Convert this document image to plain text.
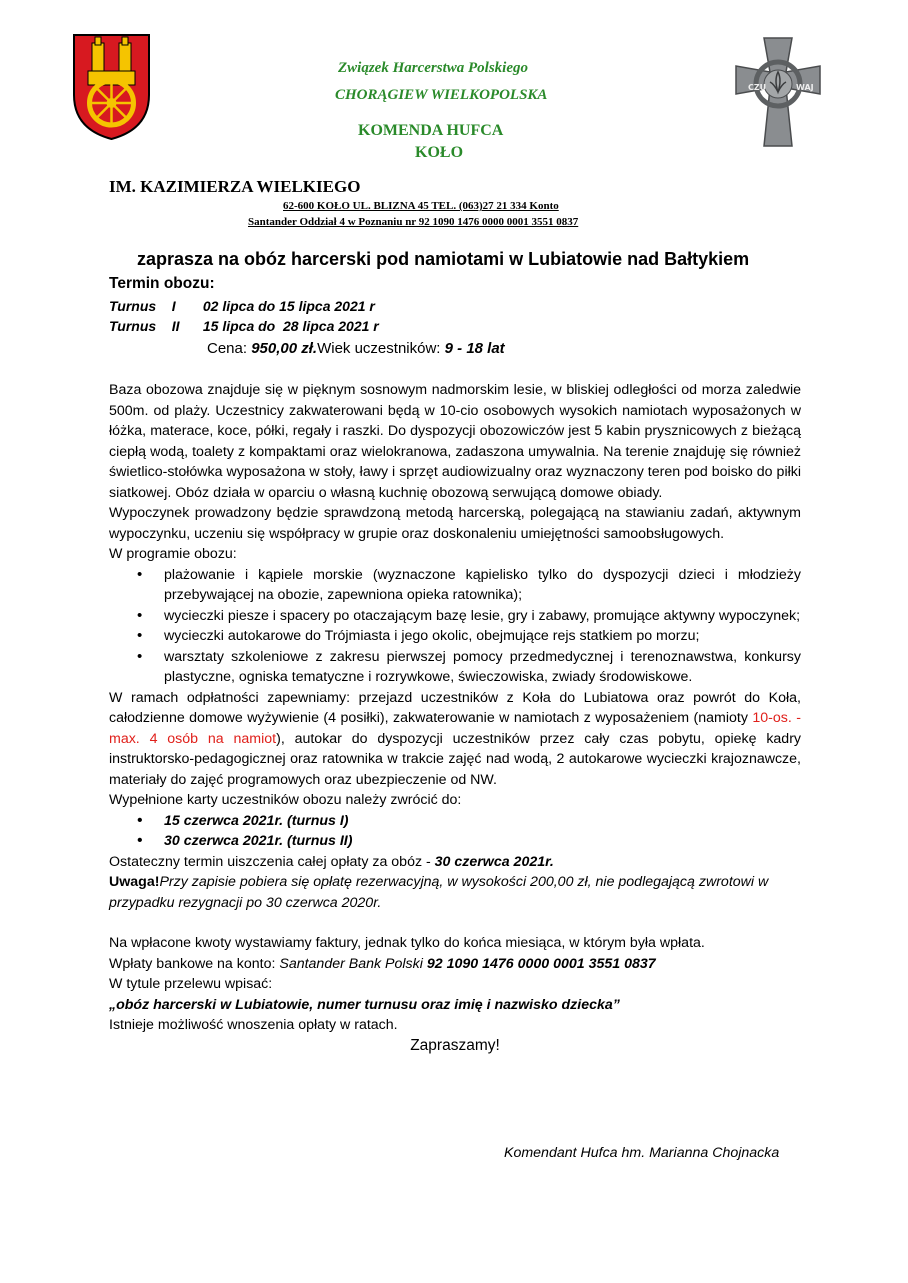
CZU	WAJ
Związek Harcerstwa Polskiego
CHORĄGIEW WIELKOPOLSKA
KOMENDA HUFCA
KOŁO
IM. KAZIMIERZA WIELKIEGO
62-600 KOŁO UL. BLIZNA 45 TEL. (063)27 21 334 Konto
Santander Oddział 4 w Poznaniu nr 92 1090 1476 0000 0001 3551 0837
zaprasza na obóz harcerski pod namiotami w Lubiatowie nad Bałtykiem
Termin obozu:
Turnus    I       02 lipca do 15 lipca 2021 r
Turnus    II      15 lipca do  28 lipca 2021 r
Cena: 950,00 zł.Wiek uczestników: 9 - 18 lat

Baza obozowa znajduje się w pięknym sosnowym nadmorskim lesie, w bliskiej odległości od morza zaledwie 500m. od plaży. Uczestnicy zakwaterowani będą w 10-cio osobowych wysokich namiotach wyposażonych w łóżka, materace, koce, półki, regały i raszki. Do dyspozycji obozowiczów jest 5 kabin prysznicowych z bieżącą ciepłą wodą, toalety z kompaktami oraz wielokranowa, zadaszona umywalnia. Na terenie znajduję się również świetlico-stołówka wyposażona w stoły, ławy i sprzęt audiowizualny oraz wyznaczony teren pod boisko do piłki siatkowej. Obóz działa w oparciu o własną kuchnię obozową serwującą domowe obiady.

Wypoczynek prowadzony będzie sprawdzoną metodą harcerską, polegającą na stawianiu zadań, aktywnym wypoczynku, uczeniu się współpracy w grupie oraz doskonaleniu umiejętności samoobsługowych.

W programie obozu:

• plażowanie i kąpiele morskie (wyznaczone kąpielisko tylko do dyspozycji dzieci i młodzieży przebywającej na obozie, zapewniona opieka ratownika);
• wycieczki piesze i spacery po otaczającym bazę lesie, gry i zabawy, promujące aktywny wypoczynek;
• wycieczki autokarowe do Trójmiasta i jego okolic, obejmujące rejs statkiem po morzu;
• warsztaty szkoleniowe z zakresu pierwszej pomocy przedmedycznej i terenoznawstwa, konkursy plastyczne, ogniska tematyczne i rozrywkowe, świeczowiska, zwiady środowiskowe.

W ramach odpłatności zapewniamy: przejazd uczestników z Koła do Lubiatowa oraz powrót do Koła, całodzienne domowe wyżywienie (4 posiłki), zakwaterowanie w namiotach z wyposażeniem (namioty 10-os. - max. 4 osób na namiot), autokar do dyspozycji uczestników przez cały czas pobytu, opiekę kadry instruktorsko-pedagogicznej oraz ratownika w trakcie zajęć nad wodą, 2 autokarowe wycieczki krajoznawcze, materiały do zajęć programowych oraz ubezpieczenie od NW.

Wypełnione karty uczestników obozu należy zwrócić do:

• 15 czerwca 2021r. (turnus I)
• 30 czerwca 2021r. (turnus II)

Ostateczny termin uiszczenia całej opłaty za obóz - 30 czerwca 2021r.

Uwaga!Przy zapisie pobiera się opłatę rezerwacyjną, w wysokości 200,00 zł, nie podlegającą zwrotowi w przypadku rezygnacji po 30 czerwca 2020r.

Na wpłacone kwoty wystawiamy faktury, jednak tylko do końca miesiąca, w którym była wpłata.

Wpłaty bankowe na konto: Santander Bank Polski 92 1090 1476 0000 0001 3551 0837

W tytule przelewu wpisać:

„obóz harcerski w Lubiatowie, numer turnusu oraz imię i nazwisko dziecka”

Istnieje możliwość wnoszenia opłaty w ratach.

Zapraszamy!

Komendant Hufca hm. Marianna Chojnacka
